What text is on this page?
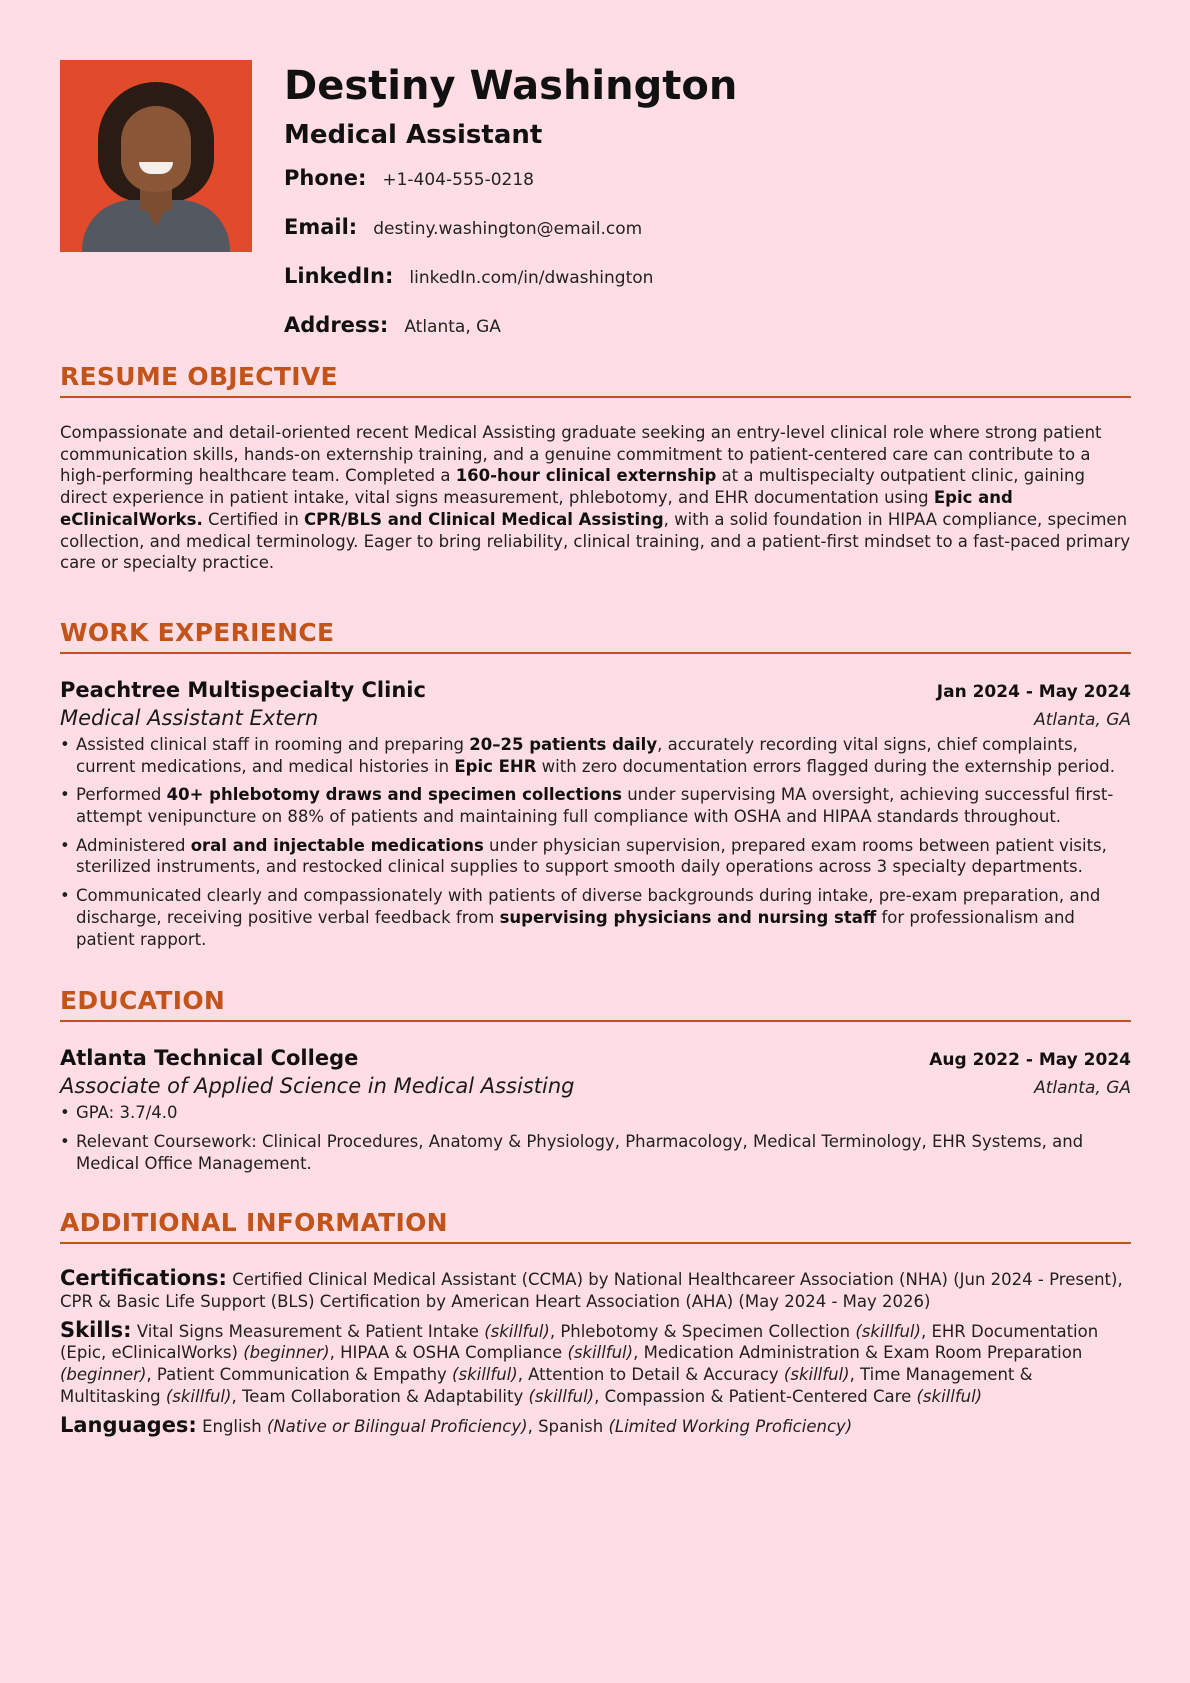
Destiny Washington
Medical Assistant
Phone: +1-404-555-0218
Email: destiny.washington@email.com
LinkedIn: linkedIn.com/in/dwashington
Address: Atlanta, GA
RESUME OBJECTIVE
Compassionate and detail-oriented recent Medical Assisting graduate seeking an entry-level clinical role where strong patient communication skills, hands-on externship training, and a genuine commitment to patient-centered care can contribute to a high-performing healthcare team. Completed a 160-hour clinical externship at a multispecialty outpatient clinic, gaining direct experience in patient intake, vital signs measurement, phlebotomy, and EHR documentation using Epic and eClinicalWorks. Certified in CPR/BLS and Clinical Medical Assisting, with a solid foundation in HIPAA compliance, specimen collection, and medical terminology. Eager to bring reliability, clinical training, and a patient-first mindset to a fast-paced primary care or specialty practice.
WORK EXPERIENCE
Peachtree Multispecialty Clinic	Jan 2024 - May 2024
Medical Assistant Extern	Atlanta, GA
• Assisted clinical staff in rooming and preparing 20–25 patients daily, accurately recording vital signs, chief complaints, current medications, and medical histories in Epic EHR with zero documentation errors flagged during the externship period.
• Performed 40+ phlebotomy draws and specimen collections under supervising MA oversight, achieving successful first-attempt venipuncture on 88% of patients and maintaining full compliance with OSHA and HIPAA standards throughout.
• Administered oral and injectable medications under physician supervision, prepared exam rooms between patient visits, sterilized instruments, and restocked clinical supplies to support smooth daily operations across 3 specialty departments.
• Communicated clearly and compassionately with patients of diverse backgrounds during intake, pre-exam preparation, and discharge, receiving positive verbal feedback from supervising physicians and nursing staff for professionalism and patient rapport.
EDUCATION
Atlanta Technical College	Aug 2022 - May 2024
Associate of Applied Science in Medical Assisting	Atlanta, GA
• GPA: 3.7/4.0
• Relevant Coursework: Clinical Procedures, Anatomy & Physiology, Pharmacology, Medical Terminology, EHR Systems, and Medical Office Management.
ADDITIONAL INFORMATION
Certifications: Certified Clinical Medical Assistant (CCMA) by National Healthcareer Association (NHA) (Jun 2024 - Present), CPR & Basic Life Support (BLS) Certification by American Heart Association (AHA) (May 2024 - May 2026)
Skills: Vital Signs Measurement & Patient Intake (skillful), Phlebotomy & Specimen Collection (skillful), EHR Documentation (Epic, eClinicalWorks) (beginner), HIPAA & OSHA Compliance (skillful), Medication Administration & Exam Room Preparation (beginner), Patient Communication & Empathy (skillful), Attention to Detail & Accuracy (skillful), Time Management & Multitasking (skillful), Team Collaboration & Adaptability (skillful), Compassion & Patient-Centered Care (skillful)
Languages: English (Native or Bilingual Proficiency), Spanish (Limited Working Proficiency)
